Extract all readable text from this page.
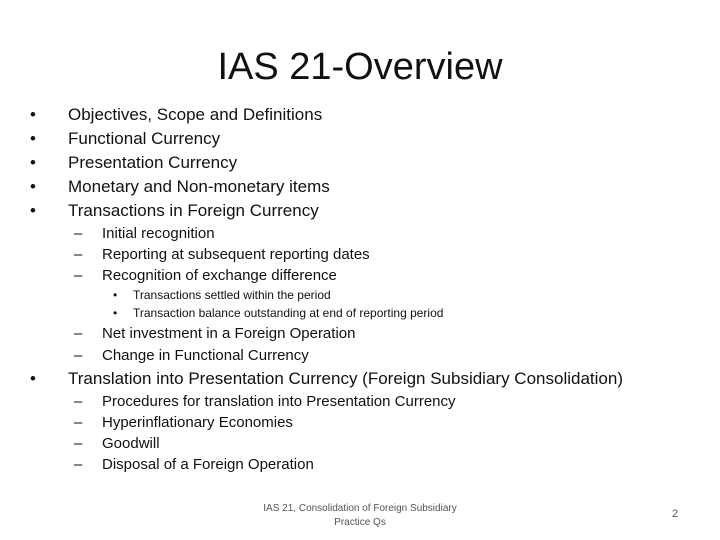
IAS 21-Overview
• Objectives, Scope and Definitions
• Functional Currency
• Presentation Currency
• Monetary and Non-monetary items
• Transactions in Foreign Currency
– Initial recognition
– Reporting at subsequent reporting dates
– Recognition of exchange difference
• Transactions settled within the period
• Transaction balance outstanding at end of reporting period
– Net investment in a Foreign Operation
– Change in Functional Currency
• Translation into Presentation Currency (Foreign Subsidiary Consolidation)
– Procedures for translation into Presentation Currency
– Hyperinflationary Economies
– Goodwill
– Disposal of a Foreign Operation
IAS 21, Consolidation of Foreign Subsidiary
Practice Qs
2
